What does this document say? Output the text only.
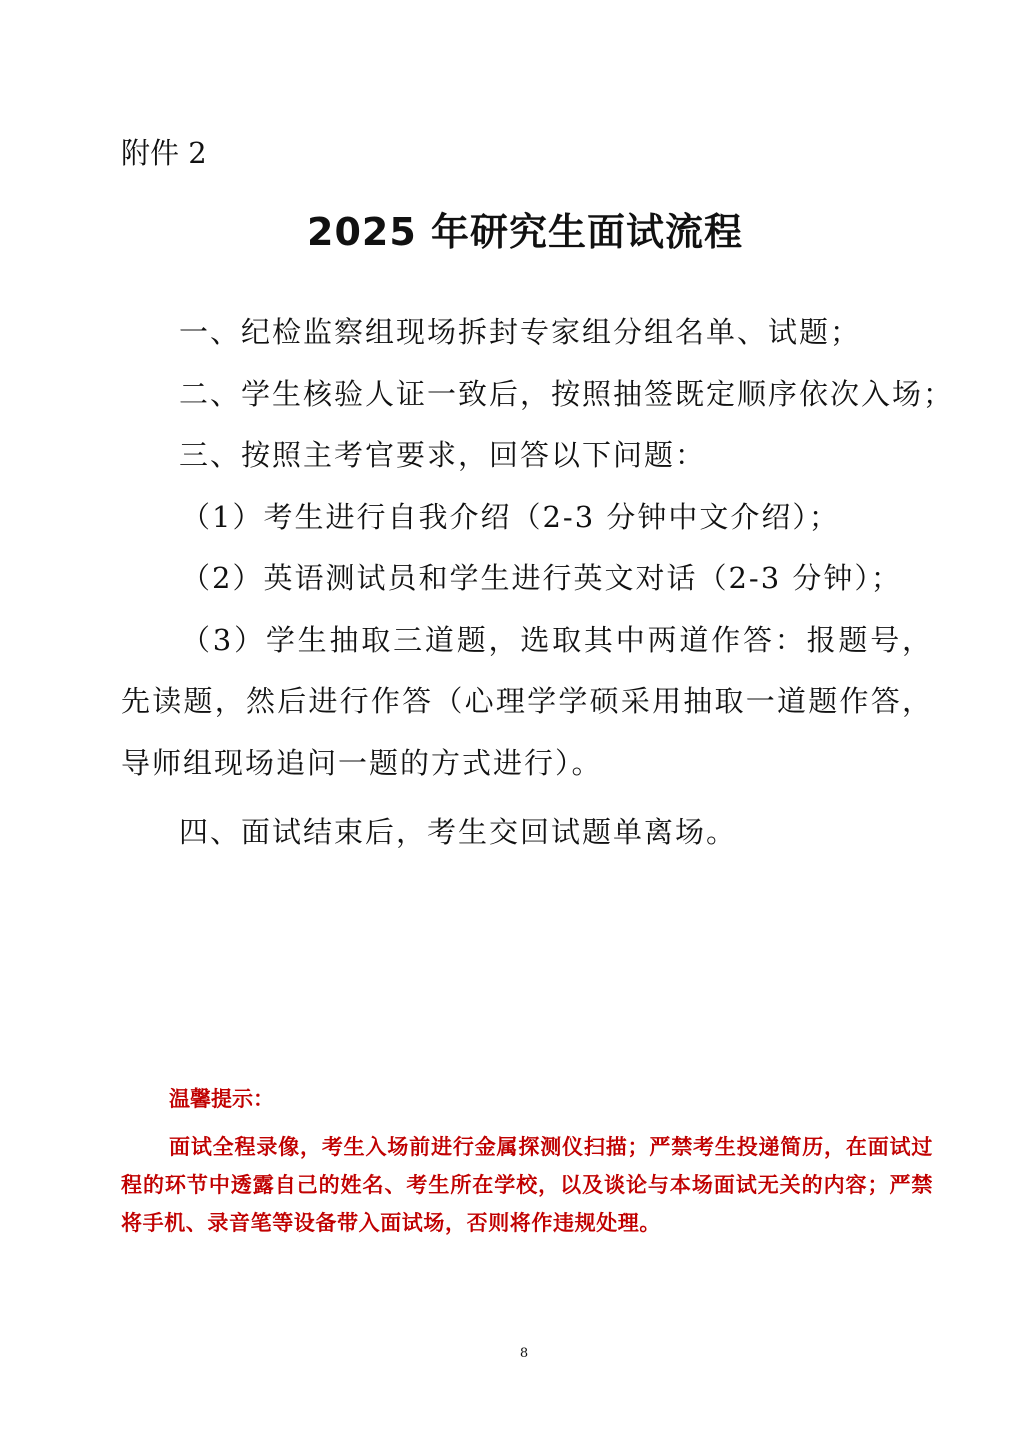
附件 2
2025 年研究生面试流程

一、纪检监察组现场拆封专家组分组名单、试题；

二、学生核验人证一致后，按照抽签既定顺序依次入场；

三、按照主考官要求，回答以下问题：

（1）考生进行自我介绍（2-3 分钟中文介绍）；

（2）英语测试员和学生进行英文对话（2-3 分钟）；

（3）学生抽取三道题，选取其中两道作答：报题号，先读题，然后进行作答（心理学学硕采用抽取一道题作答，导师组现场追问一题的方式进行）。

四、面试结束后，考生交回试题单离场。

温馨提示：

面试全程录像，考生入场前进行金属探测仪扫描；严禁考生投递简历，在面试过程的环节中透露自己的姓名、考生所在学校，以及谈论与本场面试无关的内容；严禁将手机、录音笔等设备带入面试场，否则将作违规处理。

8
